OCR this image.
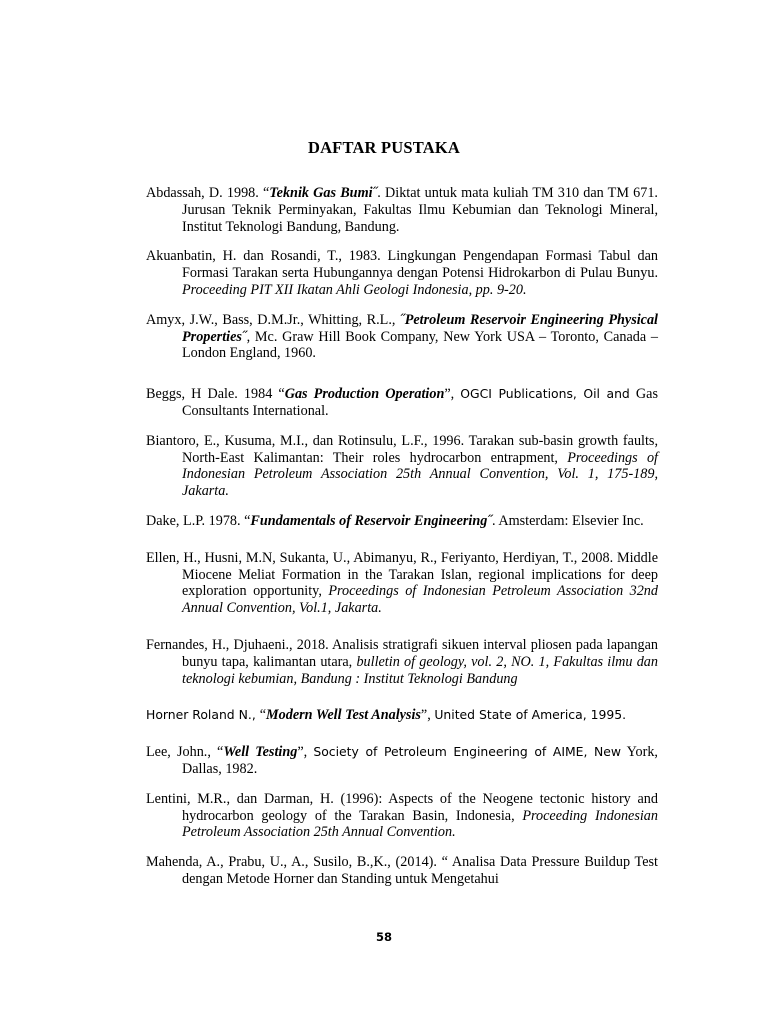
DAFTAR PUSTAKA

Abdassah, D. 1998. “Teknik Gas Bumi˝. Diktat untuk mata kuliah TM 310 dan TM 671. Jurusan Teknik Perminyakan, Fakultas Ilmu Kebumian dan Teknologi Mineral, Institut Teknologi Bandung, Bandung.

Akuanbatin, H. dan Rosandi, T., 1983. Lingkungan Pengendapan Formasi Tabul dan Formasi Tarakan serta Hubungannya dengan Potensi Hidrokarbon di Pulau Bunyu. Proceeding PIT XII Ikatan Ahli Geologi Indonesia, pp. 9-20.

Amyx, J.W., Bass, D.M.Jr., Whitting, R.L., ˝Petroleum Reservoir Engineering Physical Properties˝, Mc. Graw Hill Book Company, New York USA – Toronto, Canada – London England, 1960.

Beggs, H Dale. 1984 “Gas Production Operation”, OGCI Publications, Oil and Gas Consultants International.

Biantoro, E., Kusuma, M.I., dan Rotinsulu, L.F., 1996. Tarakan sub-basin growth faults, North-East Kalimantan: Their roles hydrocarbon entrapment, Proceedings of Indonesian Petroleum Association 25th Annual Convention, Vol. 1, 175-189, Jakarta.

Dake, L.P. 1978. “Fundamentals of Reservoir Engineering˝. Amsterdam: Elsevier Inc.

Ellen, H., Husni, M.N, Sukanta, U., Abimanyu, R., Feriyanto, Herdiyan, T., 2008. Middle Miocene Meliat Formation in the Tarakan Islan, regional implications for deep exploration opportunity, Proceedings of Indonesian Petroleum Association 32nd Annual Convention, Vol.1, Jakarta.

Fernandes, H., Djuhaeni., 2018. Analisis stratigrafi sikuen interval pliosen pada lapangan bunyu tapa, kalimantan utara, bulletin of geology, vol. 2, NO. 1, Fakultas ilmu dan teknologi kebumian, Bandung : Institut Teknologi Bandung

Horner Roland N., “Modern Well Test Analysis”, United State of America, 1995.

Lee, John., “Well Testing”, Society of Petroleum Engineering of AIME, New York, Dallas, 1982.

Lentini, M.R., dan Darman, H. (1996): Aspects of the Neogene tectonic history and hydrocarbon geology of the Tarakan Basin, Indonesia, Proceeding Indonesian Petroleum Association 25th Annual Convention.

Mahenda, A., Prabu, U., A., Susilo, B.,K., (2014). “ Analisa Data Pressure Buildup Test dengan Metode Horner dan Standing untuk Mengetahui

58
